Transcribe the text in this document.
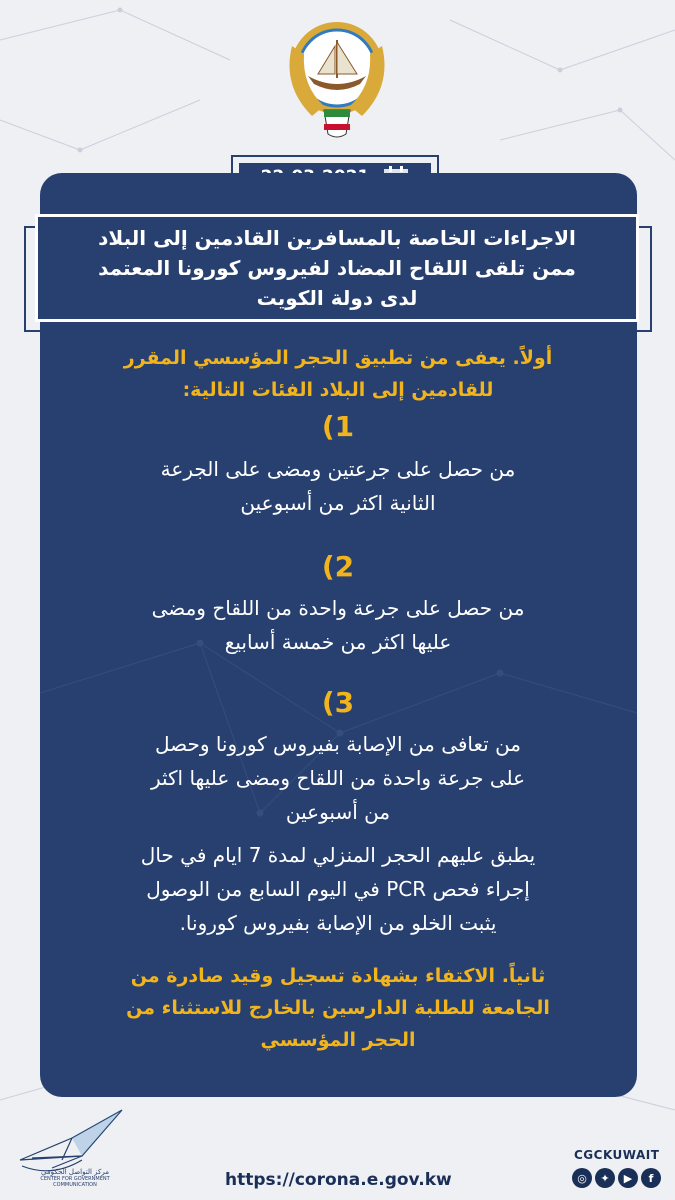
الاجراءات الخاصة بالمسافرين القادمين إلى البلاد
ممن تلقى اللقاح المضاد لفيروس كورونا المعتمد
لدى دولة الكويت
أولاً. يعفى من تطبيق الحجر المؤسسي المقرر
للقادمين إلى البلاد الفئات التالية:
1)
من حصل على جرعتين ومضى على الجرعة
الثانية اكثر من أسبوعين
2)
من حصل على جرعة واحدة من اللقاح ومضى
عليها اكثر من خمسة أسابيع
3)
من تعافى من الإصابة بفيروس كورونا وحصل
على جرعة واحدة من اللقاح ومضى عليها اكثر
من أسبوعين
يطبق عليهم الحجر المنزلي لمدة 7 ايام في حال
إجراء فحص PCR في اليوم السابع من الوصول
يثبت الخلو من الإصابة بفيروس كورونا.
ثانياً. الاكتفاء بشهادة تسجيل وقيد صادرة من
الجامعة للطلبة الدارسين بالخارج للاستثناء من
الحجر المؤسسي
مركز التواصل الحكومي
CENTER FOR GOVERNMENT COMMUNICATION	https://corona.e.gov.kw
CGCKUWAIT
◎	✦	▶	f
